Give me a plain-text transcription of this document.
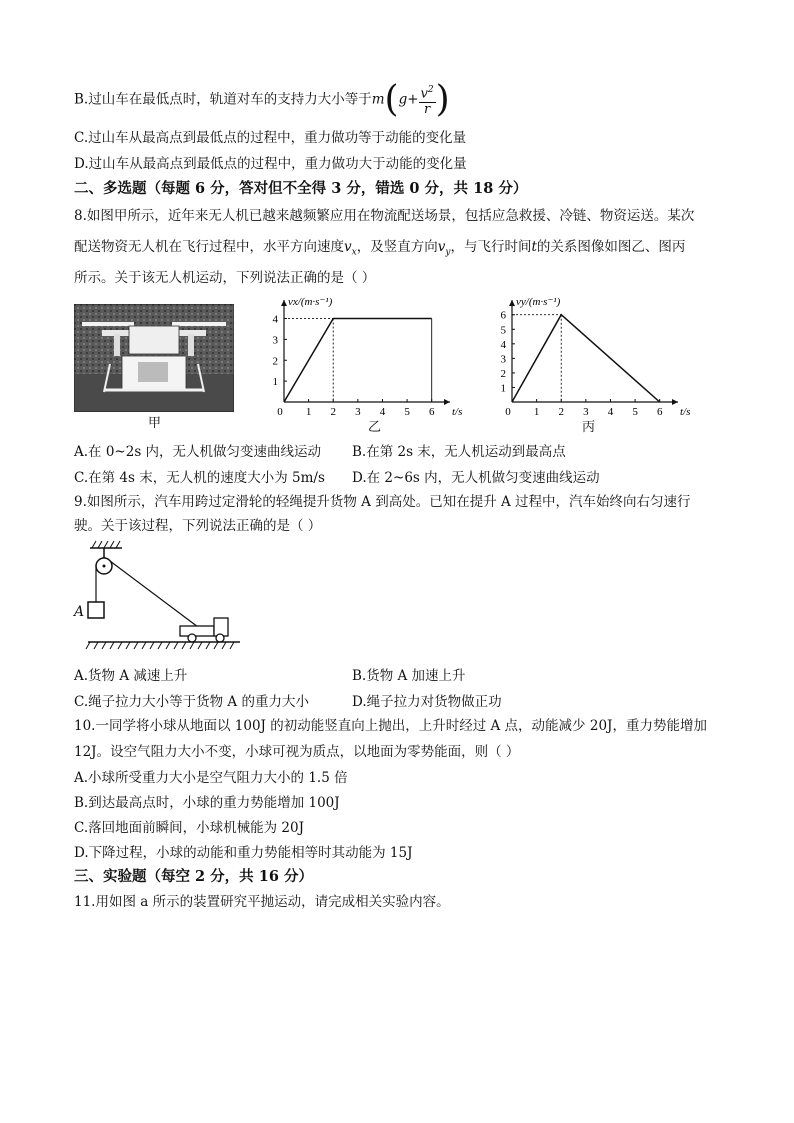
B.过山车在最低点时，轨道对车的支持力大小等于$m(g+ \frac{v^2}{r}$ )
C.过山车从最高点到最低点的过程中，重力做功等于动能的变化量
D.过山车从最高点到最低点的过程中，重力做功大于动能的变化量
二、多选题（每题 6 分，答对但不全得 3 分，错选 0 分，共 18 分）
8.如图甲所示，近年来无人机已越来越频繁应用在物流配送场景，包括应急救援、冷链、物资运送。某次
配送物资无人机在飞行过程中，水平方向速度$v_x$，及竖直方向$v_y$，与飞行时间t的关系图像如图乙、图丙
所示。关于该无人机运动，下列说法正确的是（ ）
甲
0 1 2 3 4 5 6
1
2
3
4
vx/(m·s⁻¹)
t/s
乙
0 1 2 3 4 5 6
1
2
3
4
5
6
vy/(m·s⁻¹)
t/s
丙
A.在 0~2s 内，无人机做匀变速曲线运动 B.在第 2s 末，无人机运动到最高点
C.在第 4s 末，无人机的速度大小为 5m/s D.在 2~6s 内，无人机做匀变速曲线运动
9.如图所示，汽车用跨过定滑轮的轻绳提升货物 A 到高处。已知在提升 A 过程中，汽车始终向右匀速行
驶。关于该过程，下列说法正确的是（ ）
A
A.货物 A 减速上升	B.货物 A 加速上升
C.绳子拉力大小等于货物 A 的重力大小	D.绳子拉力对货物做正功
10.一同学将小球从地面以 100J 的初动能竖直向上抛出，上升时经过 A 点，动能减少 20J，重力势能增加
12J。设空气阻力大小不变，小球可视为质点，以地面为零势能面，则（ ）
A.小球所受重力大小是空气阻力大小的 1.5 倍
B.到达最高点时，小球的重力势能增加 100J
C.落回地面前瞬间，小球机械能为 20J
D.下降过程，小球的动能和重力势能相等时其动能为 15J
三、实验题（每空 2 分，共 16 分）
11.用如图 a 所示的装置研究平抛运动，请完成相关实验内容。
